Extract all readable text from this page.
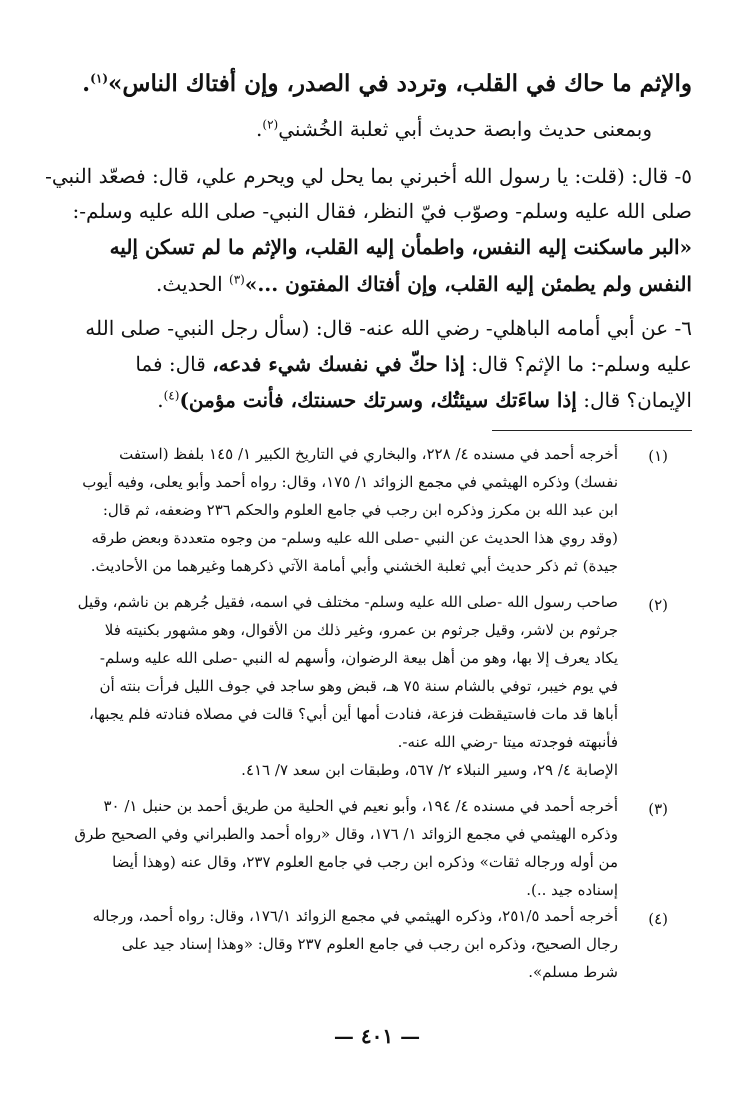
والإثم ما حاك في القلب، وتردد في الصدر، وإن أفتاك الناس»$^{(١)}$.
وبمعنى حديث وابصة حديث أبي ثعلبة الخُشني$^{(٢)}$.
٥- قال: (قلت: يا رسول الله أخبرني بما يحل لي ويحرم علي، قال: فصعّد النبي-
صلى الله عليه وسلم- وصوّب فيّ النظر، فقال النبي- صلى الله عليه وسلم-:
«البر ماسكنت إليه النفس، واطمأن إليه القلب، والإثم ما لم تسكن إليه
النفس ولم يطمئن إليه القلب، وإن أفتاك المفتون ...»$^{(٣)}$ الحديث.
٦- عن أبي أمامه الباهلي- رضي الله عنه- قال: (سأل رجل النبي- صلى الله
عليه وسلم-: ما الإثم؟ قال: إذا حكّ في نفسك شيء فدعه، قال: فما
الإيمان؟ قال: إذا ساءَتك سيئتُك، وسرتك حسنتك، فأنت مؤمن)$^{(٤)}$.
(١)
أخرجه أحمد في مسنده ٤/ ٢٢٨، والبخاري في التاريخ الكبير ١/ ١٤٥ بلفظ (استفت
نفسك) وذكره الهيثمي في مجمع الزوائد ١/ ١٧٥، وقال: رواه أحمد وأبو يعلى، وفيه أيوب
ابن عبد الله بن مكرز وذكره ابن رجب في جامع العلوم والحكم ٢٣٦ وضعفه، ثم قال:
(وقد روي هذا الحديث عن النبي -صلى الله عليه وسلم- من وجوه متعددة وبعض طرقه
جيدة) ثم ذكر حديث أبي ثعلبة الخشني وأبي أمامة الآتي ذكرهما وغيرهما من الأحاديث.
(٢)
صاحب رسول الله -صلى الله عليه وسلم- مختلف في اسمه، فقيل جُرهم بن ناشم، وقيل
جرثوم بن لاشر، وقيل جرثوم بن عمرو، وغير ذلك من الأقوال، وهو مشهور بكنيته فلا
يكاد يعرف إلا بها، وهو من أهل بيعة الرضوان، وأسهم له النبي -صلى الله عليه وسلم-
في يوم خيبر، توفي بالشام سنة ٧٥ هـ، قبض وهو ساجد في جوف الليل فرأت بنته أن
أباها قد مات فاستيقظت فزعة، فنادت أمها أين أبي؟ قالت في مصلاه فنادته فلم يجبها،
فأنبهته فوجدته ميتا -رضي الله عنه-.
الإصابة ٤/ ٢٩، وسير النبلاء ٢/ ٥٦٧، وطبقات ابن سعد ٧/ ٤١٦.
(٣)
أخرجه أحمد في مسنده ٤/ ١٩٤، وأبو نعيم في الحلية من طريق أحمد بن حنبل ١/ ٣٠
وذكره الهيثمي في مجمع الزوائد ١/ ١٧٦، وقال «رواه أحمد والطبراني وفي الصحيح طرق
من أوله ورجاله ثقات» وذكره ابن رجب في جامع العلوم ٢٣٧، وقال عنه (وهذا أيضا
إسناده جيد ..).
(٤)
أخرجه أحمد ٢٥١/٥، وذكره الهيثمي في مجمع الزوائد ١٧٦/١، وقال: رواه أحمد، ورجاله
رجال الصحيح، وذكره ابن رجب في جامع العلوم ٢٣٧ وقال: «وهذا إسناد جيد على
شرط مسلم».
— ٤٠١ —
